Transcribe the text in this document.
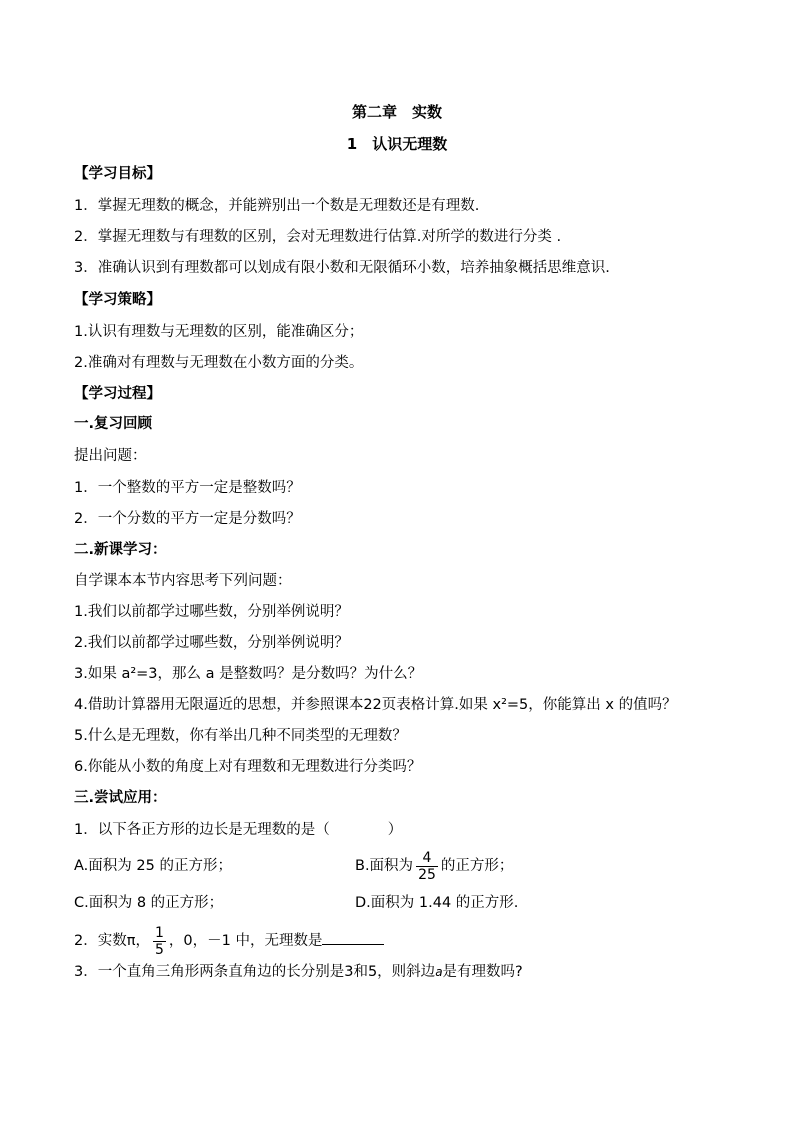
第二章　实数
1　认识无理数
【学习目标】
1．掌握无理数的概念，并能辨别出一个数是无理数还是有理数.
2．掌握无理数与有理数的区别，会对无理数进行估算.对所学的数进行分类 .
3．准确认识到有理数都可以划成有限小数和无限循环小数，培养抽象概括思维意识.
【学习策略】
1.认识有理数与无理数的区别，能准确区分；
2.准确对有理数与无理数在小数方面的分类。
【学习过程】
一.复习回顾
提出问题：
1．一个整数的平方一定是整数吗？
2．一个分数的平方一定是分数吗？
二.新课学习：
自学课本本节内容思考下列问题：
1.我们以前都学过哪些数，分别举例说明？
2.我们以前都学过哪些数，分别举例说明？
3.如果 a²=3，那么 a 是整数吗？是分数吗？为什么？
4.借助计算器用无限逼近的思想，并参照课本22页表格计算.如果 x²=5，你能算出 x 的值吗？
5.什么是无理数，你有举出几种不同类型的无理数？
6.你能从小数的角度上对有理数和无理数进行分类吗？
三.尝试应用：
1．以下各正方形的边长是无理数的是（　　　　）
A.面积为 25 的正方形；	B.面积为 $\frac{4}{25}$ 的正方形；
C.面积为 8 的正方形；	D.面积为 1.44 的正方形.
2．实数π， $\frac{1}{5}$ ，0，－1 中，无理数是
3．一个直角三角形两条直角边的长分别是3和5，则斜边a是有理数吗?
